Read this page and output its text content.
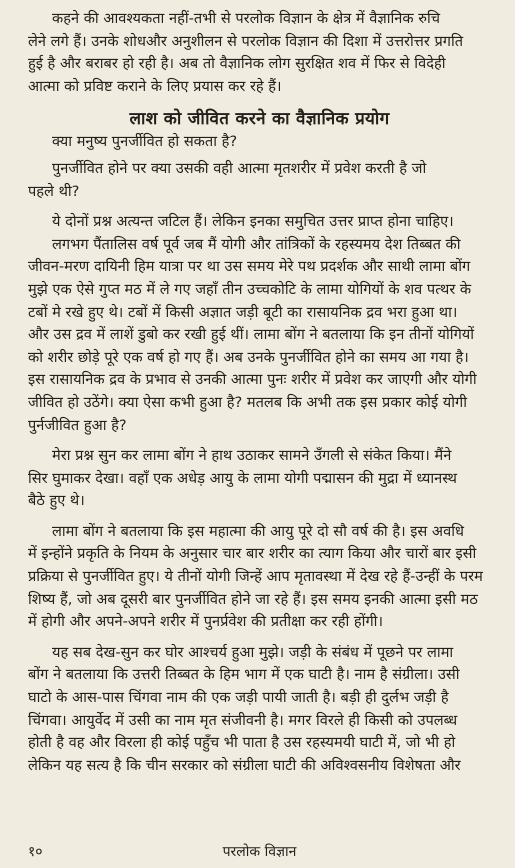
कहने की आवश्यकता नहीं-तभी से परलोक विज्ञान के क्षेत्र में वैज्ञानिक रुचि
लेने लगे हैं। उनके शोधऔर अनुशीलन से परलोक विज्ञान की दिशा में उत्तरोत्तर प्रगति
हुई है और बराबर हो रही है। अब तो वैज्ञानिक लोग सुरक्षित शव में फिर से विदेही
आत्मा को प्रविष्ट कराने के लिए प्रयास कर रहे हैं।

लाश को जीवित करने का वैज्ञानिक प्रयोग

क्या मनुष्य पुनर्जीवित हो सकता है?

पुनर्जीवित होने पर क्या उसकी वही आत्मा मृतशरीर में प्रवेश करती है जो
पहले थी?

ये दोनों प्रश्न अत्यन्त जटिल हैं। लेकिन इनका समुचित उत्तर प्राप्त होना चाहिए।
लगभग पैंतालिस वर्ष पूर्व जब मैं योगी और तांत्रिकों के रहस्यमय देश तिब्बत की
जीवन-मरण दायिनी हिम यात्रा पर था उस समय मेरे पथ प्रदर्शक और साथी लामा बोंग
मुझे एक ऐसे गुप्त मठ में ले गए जहाँ तीन उच्चकोटि के लामा योगियों के शव पत्थर के
टबों मे रखे हुए थे। टबों में किसी अज्ञात जड़ी बूटी का रासायनिक द्रव भरा हुआ था।
और उस द्रव में लाशें डुबो कर रखी हुई थीं। लामा बोंग ने बतलाया कि इन तीनों योगियों
को शरीर छोड़े पूरे एक वर्ष हो गए हैं। अब उनके पुनर्जीवित होने का समय आ गया है।
इस रासायनिक द्रव के प्रभाव से उनकी आत्मा पुनः शरीर में प्रवेश कर जाएगी और योगी
जीवित हो उठेंगे। क्या ऐसा कभी हुआ है? मतलब कि अभी तक इस प्रकार कोई योगी
पुर्नजीवित हुआ है?

मेरा प्रश्न सुन कर लामा बोंग ने हाथ उठाकर सामने उँगली से संकेत किया। मैंने
सिर घुमाकर देखा। वहाँ एक अधेड़ आयु के लामा योगी पद्मासन की मुद्रा में ध्यानस्थ
बैठे हुए थे।

लामा बोंग ने बतलाया कि इस महात्मा की आयु पूरे दो सौ वर्ष की है। इस अवधि
में इन्होंने प्रकृति के नियम के अनुसार चार बार शरीर का त्याग किया और चारों बार इसी
प्रक्रिया से पुनर्जीवित हुए। ये तीनों योगी जिन्हें आप मृतावस्था में देख रहे हैं-उन्हीं के परम
शिष्य हैं, जो अब दूसरी बार पुनर्जीवित होने जा रहे हैं। इस समय इनकी आत्मा इसी मठ
में होगी और अपने-अपने शरीर में पुनर्प्रवेश की प्रतीक्षा कर रही होंगी।

यह सब देख-सुन कर घोर आश्चर्य हुआ मुझे। जड़ी के संबंध में पूछने पर लामा
बोंग ने बतलाया कि उत्तरी तिब्बत के हिम भाग में एक घाटी है। नाम है संग्रीला। उसी
घाटो के आस-पास चिंगवा नाम की एक जड़ी पायी जाती है। बड़ी ही दुर्लभ जड़ी है
चिंगवा। आयुर्वेद में उसी का नाम मृत संजीवनी है। मगर विरले ही किसी को उपलब्ध
होती है वह और विरला ही कोई पहुँच भी पाता है उस रहस्यमयी घाटी में, जो भी हो
लेकिन यह सत्य है कि चीन सरकार को संग्रीला घाटी की अविश्वसनीय विशेषता और

१०	परलोक विज्ञान
